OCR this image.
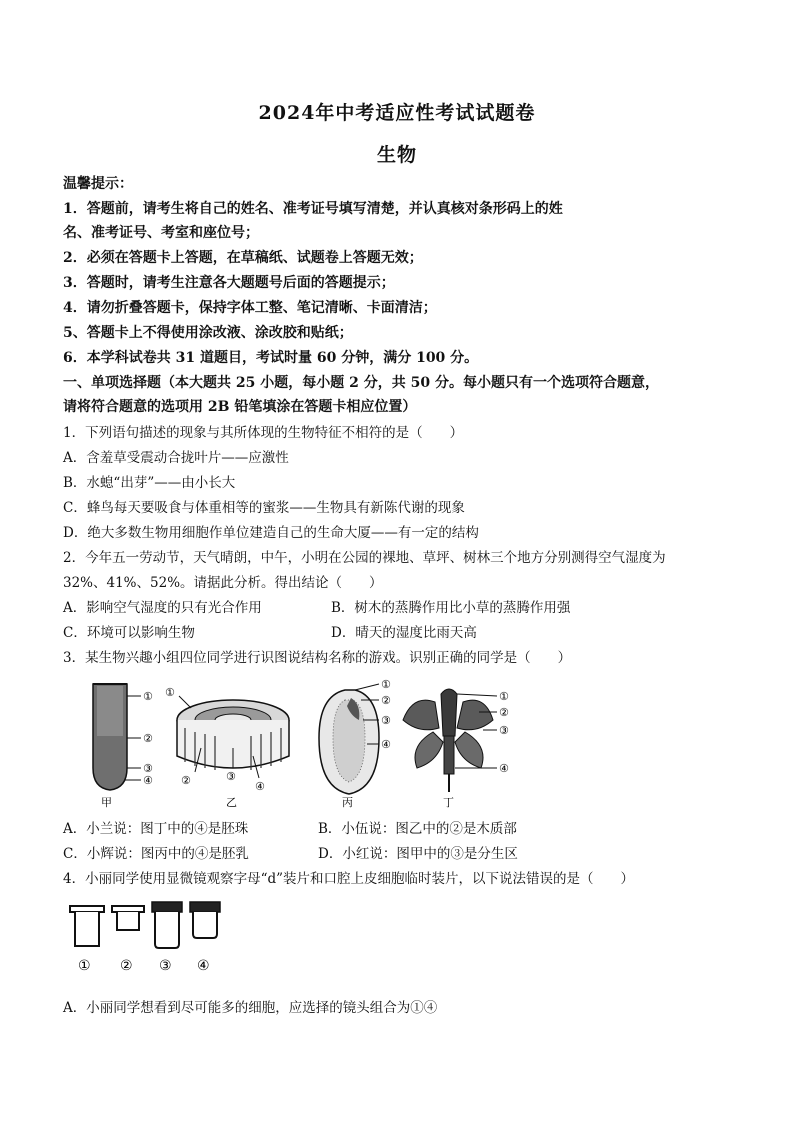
2024年中考适应性考试试题卷
生物
温馨提示：
1．答题前，请考生将自己的姓名、准考证号填写清楚，并认真核对条形码上的姓
名、准考证号、考室和座位号；
2．必须在答题卡上答题，在草稿纸、试题卷上答题无效；
3．答题时，请考生注意各大题题号后面的答题提示；
4．请勿折叠答题卡，保持字体工整、笔记清晰、卡面清洁；
5、答题卡上不得使用涂改液、涂改胶和贴纸；
6．本学科试卷共 31 道题目，考试时量 60 分钟，满分 100 分。
一、单项选择题（本大题共 25 小题，每小题 2 分，共 50 分。每小题只有一个选项符合题意，
请将符合题意的选项用 2B 铅笔填涂在答题卡相应位置）
1．下列语句描述的现象与其所体现的生物特征不相符的是（　　）
A．含羞草受震动合拢叶片——应激性
B．水螅“出芽”——由小长大
C．蜂鸟每天要吸食与体重相等的蜜浆——生物具有新陈代谢的现象
D．绝大多数生物用细胞作单位建造自己的生命大厦——有一定的结构
2．今年五一劳动节，天气晴朗，中午，小明在公园的裸地、草坪、树林三个地方分别测得空气湿度为
32%、41%、52%。请据此分析。得出结论（　　）
A．影响空气湿度的只有光合作用	B．树木的蒸腾作用比小草的蒸腾作用强
C．环境可以影响生物	D．晴天的湿度比雨天高
3．某生物兴趣小组四位同学进行识图说结构名称的游戏。识别正确的同学是（　　）
①
②
③
④
甲
①
②	③
④
乙
①
②
③
④
丙
①
②
③
④
丁
A．小兰说：图丁中的④是胚珠	B．小伍说：图乙中的②是木质部
C．小辉说：图丙中的④是胚乳	D．小红说：图甲中的③是分生区
4．小丽同学使用显微镜观察字母“d”装片和口腔上皮细胞临时装片，以下说法错误的是（　　）
① ② ③ ④
A．小丽同学想看到尽可能多的细胞，应选择的镜头组合为①④
